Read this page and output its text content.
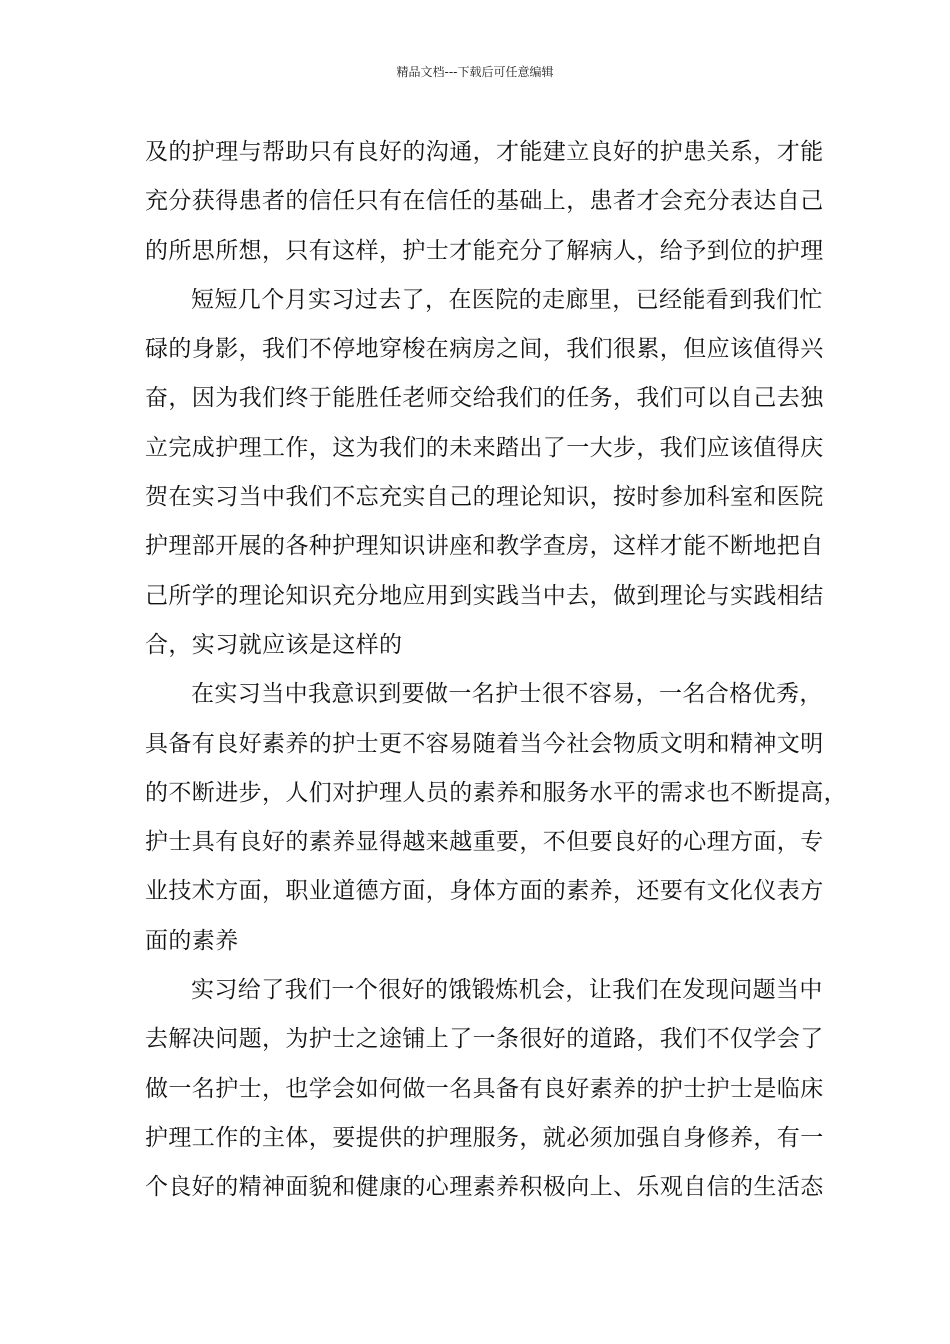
精品文档---下载后可任意编辑
及的护理与帮助只有良好的沟通，才能建立良好的护患关系，才能
充分获得患者的信任只有在信任的基础上，患者才会充分表达自己
的所思所想，只有这样，护士才能充分了解病人，给予到位的护理
短短几个月实习过去了，在医院的走廊里，已经能看到我们忙
碌的身影，我们不停地穿梭在病房之间，我们很累，但应该值得兴
奋，因为我们终于能胜任老师交给我们的任务，我们可以自己去独
立完成护理工作，这为我们的未来踏出了一大步，我们应该值得庆
贺在实习当中我们不忘充实自己的理论知识，按时参加科室和医院
护理部开展的各种护理知识讲座和教学查房，这样才能不断地把自
己所学的理论知识充分地应用到实践当中去，做到理论与实践相结
合，实习就应该是这样的
在实习当中我意识到要做一名护士很不容易，一名合格优秀，
具备有良好素养的护士更不容易随着当今社会物质文明和精神文明
的不断进步，人们对护理人员的素养和服务水平的需求也不断提高，
护士具有良好的素养显得越来越重要，不但要良好的心理方面，专
业技术方面，职业道德方面，身体方面的素养，还要有文化仪表方
面的素养
实习给了我们一个很好的饿锻炼机会，让我们在发现问题当中
去解决问题，为护士之途铺上了一条很好的道路，我们不仅学会了
做一名护士，也学会如何做一名具备有良好素养的护士护士是临床
护理工作的主体，要提供的护理服务，就必须加强自身修养，有一
个良好的精神面貌和健康的心理素养积极向上、乐观自信的生活态
